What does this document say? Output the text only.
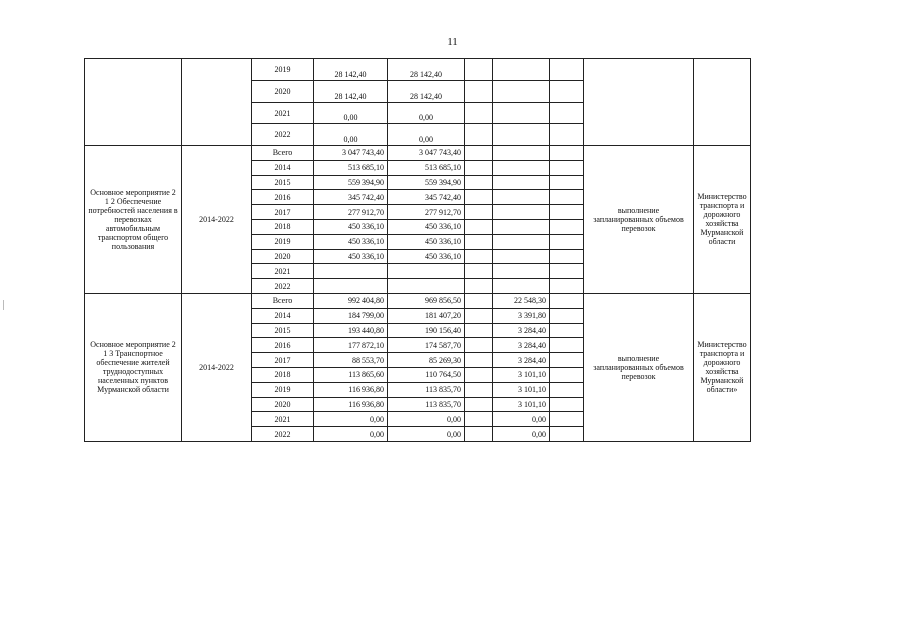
11
		2019	28 142,40	28 142,40					
		2020	28 142,40	28 142,40					
		2021	0,00	0,00					
		2022	0,00	0,00					
Основное мероприятие 2 1 2 Обеспечение потребностей населения в перевозках автомобильным транспортом общего пользования	2014-2022	Всего	3 047 743,40	3 047 743,40				выполнение запланированных объемов перевозок	Министерство транспорта и дорожного хозяйства Мурманской области
		2014	513 685,10	513 685,10					
		2015	559 394,90	559 394,90					
		2016	345 742,40	345 742,40					
		2017	277 912,70	277 912,70					
		2018	450 336,10	450 336,10					
		2019	450 336,10	450 336,10					
		2020	450 336,10	450 336,10					
		2021							
		2022							
Основное мероприятие 2 1 3 Транспортное обеспечение жителей труднодоступных населенных пунктов Мурманской области	2014-2022	Всего	992 404,80	969 856,50		22 548,30		выполнение запланированных объемов перевозок	Министерство транспорта и дорожного хозяйства Мурманской области»
		2014	184 799,00	181 407,20		3 391,80			
		2015	193 440,80	190 156,40		3 284,40			
		2016	177 872,10	174 587,70		3 284,40			
		2017	88 553,70	85 269,30		3 284,40			
		2018	113 865,60	110 764,50		3 101,10			
		2019	116 936,80	113 835,70		3 101,10			
		2020	116 936,80	113 835,70		3 101,10			
		2021	0,00	0,00		0,00			
		2022	0,00	0,00		0,00			
